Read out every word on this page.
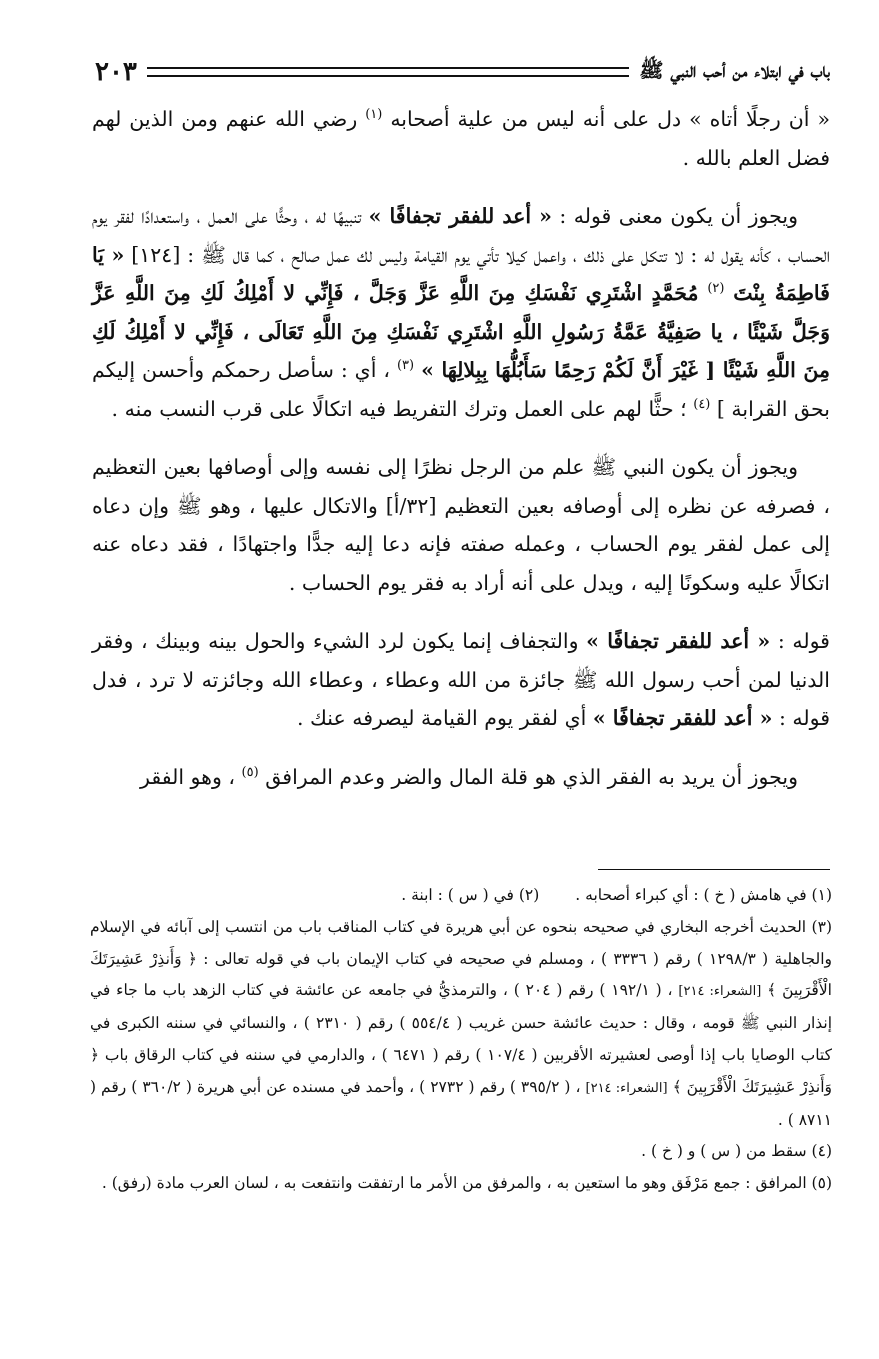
باب في ابتلاء من أحب النبي ﷺ
٢٠٣

« أن رجلًا أتاه » دل على أنه ليس من علية أصحابه $^{(١)}$ رضي الله عنهم ومن الذين لهم فضل العلم بالله .

ويجوز أن يكون معنى قوله : « أعد للفقر تجفافًا » تنبيهًا له ، وحثًّا على العمل ، واستعدادًا لفقر يوم الحساب ، كأنه يقول له : لا تتكل على ذلك ، واعمل كيلا تأتي يوم القيامة وليس لك عمل صالح ، كما قال ﷺ : [١٢٤] « يَا فَاطِمَةُ بِنْتَ $^{(٢)}$ مُحَمَّدٍ اشْتَرِي نَفْسَكِ مِنَ اللَّهِ عَزَّ وَجَلَّ ، فَإِنِّي لا أَمْلِكُ لَكِ مِنَ اللَّهِ عَزَّ وَجَلَّ شَيْئًا ، يا صَفِيَّةُ عَمَّةُ رَسُولِ اللَّهِ اشْتَرِي نَفْسَكِ مِنَ اللَّهِ تَعَالَى ، فَإِنِّي لا أَمْلِكُ لَكِ مِنَ اللَّهِ شَيْئًا [ غَيْرَ أَنَّ لَكُمْ رَحِمًا سَأَبُلُّهَا بِبِلالِهَا » $^{(٣)}$ ، أي : سأصل رحمكم وأحسن إليكم بحق القرابة ] $^{(٤)}$ ؛ حثًّا لهم على العمل وترك التفريط فيه اتكالًا على قرب النسب منه .

ويجوز أن يكون النبي ﷺ علم من الرجل نظرًا إلى نفسه وإلى أوصافها بعين التعظيم ، فصرفه عن نظره إلى أوصافه بعين التعظيم [٣٢/أ] والاتكال عليها ، وهو ﷺ وإن دعاه إلى عمل لفقر يوم الحساب ، وعمله صفته فإنه دعا إليه جدًّا واجتهادًا ، فقد دعاه عنه اتكالًا عليه وسكونًا إليه ، ويدل على أنه أراد به فقر يوم الحساب .

قوله : « أعد للفقر تجفافًا » والتجفاف إنما يكون لرد الشيء والحول بينه وبينك ، وفقر الدنيا لمن أحب رسول الله ﷺ جائزة من الله وعطاء ، وعطاء الله وجائزته لا ترد ، فدل قوله : « أعد للفقر تجفافًا » أي لفقر يوم القيامة ليصرفه عنك .

ويجوز أن يريد به الفقر الذي هو قلة المال والضر وعدم المرافق $^{(٥)}$ ، وهو الفقر

(١) في هامش ( خ ) : أي كبراء أصحابه .
(٢) في ( س ) : ابنة .

(٣) الحديث أخرجه البخاري في صحيحه بنحوه عن أبي هريرة في كتاب المناقب باب من انتسب إلى آبائه في الإسلام والجاهلية ( ١٢٩٨/٣ ) رقم ( ٣٣٣٦ ) ، ومسلم في صحيحه في كتاب الإيمان باب في قوله تعالى : ﴿ وَأَنذِرْ عَشِيرَتَكَ الْأَقْرَبِينَ ﴾ [الشعراء: ٢١٤] ، ( ١٩٢/١ ) رقم ( ٢٠٤ ) ، والترمذيُّ في جامعه عن عائشة في كتاب الزهد باب ما جاء في إنذار النبي ﷺ قومه ، وقال : حديث عائشة حسن غريب ( ٥٥٤/٤ ) رقم ( ٢٣١٠ ) ، والنسائي في سننه الكبرى في كتاب الوصايا باب إذا أوصى لعشيرته الأقربين ( ١٠٧/٤ ) رقم ( ٦٤٧١ ) ، والدارمي في سننه في كتاب الرقاق باب ﴿ وَأَنذِرْ عَشِيرَتَكَ الْأَقْرَبِينَ ﴾ [الشعراء: ٢١٤] ، ( ٣٩٥/٢ ) رقم ( ٢٧٣٢ ) ، وأحمد في مسنده عن أبي هريرة ( ٣٦٠/٢ ) رقم ( ٨٧١١ ) .

(٤) سقط من ( س ) و ( خ ) .

(٥) المرافق : جمع مَرْفَق وهو ما استعين به ، والمرفق من الأمر ما ارتفقت وانتفعت به ، لسان العرب مادة (رفق) .
